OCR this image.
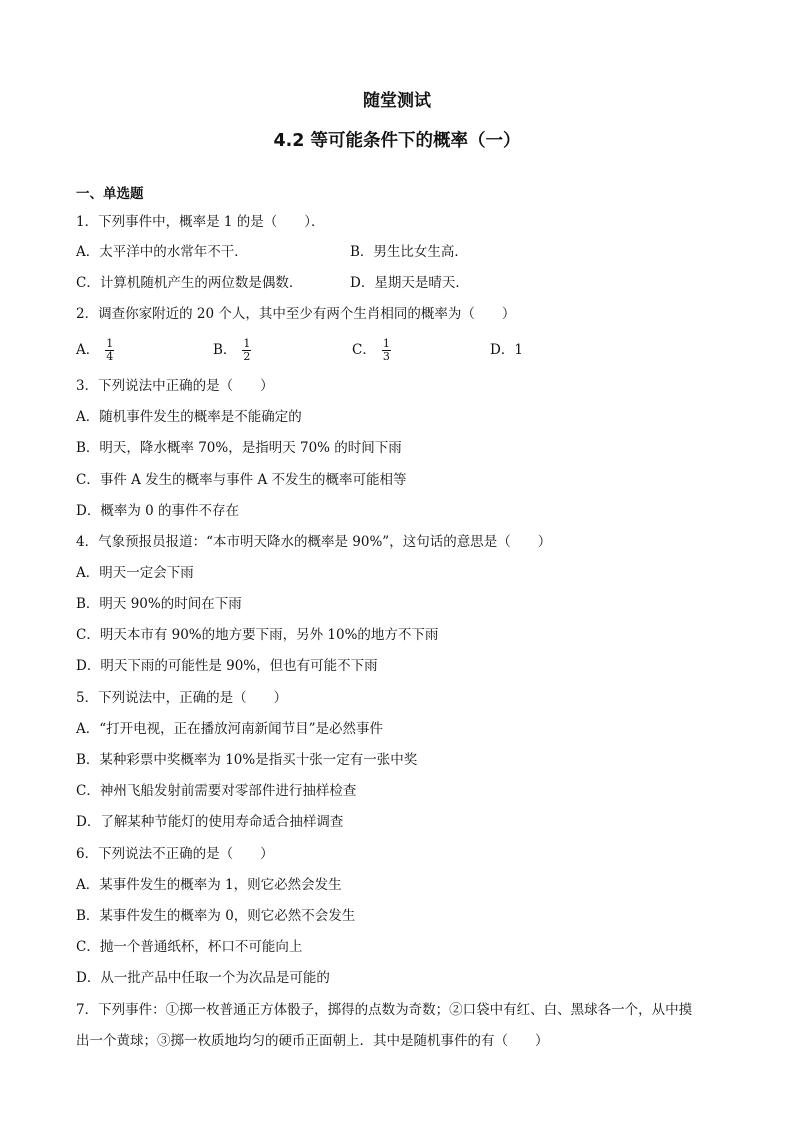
随堂测试
4.2 等可能条件下的概率（一）
一、单选题
1．下列事件中，概率是 1 的是（　　）．
A．太平洋中的水常年不干．	B．男生比女生高．
C．计算机随机产生的两位数是偶数．	D．星期天是晴天．
2．调查你家附近的 20 个人，其中至少有两个生肖相同的概率为（　　）
A． $\frac{1}{4}$	B． $\frac{1}{2}$	C． $\frac{1}{3}$	D．1
3．下列说法中正确的是（　　）
A．随机事件发生的概率是不能确定的
B．明天，降水概率 70%，是指明天 70% 的时间下雨
C．事件 A 发生的概率与事件 A 不发生的概率可能相等
D．概率为 0 的事件不存在
4．气象预报员报道：“本市明天降水的概率是 90%”，这句话的意思是（　　）
A．明天一定会下雨
B．明天 90%的时间在下雨
C．明天本市有 90%的地方要下雨，另外 10%的地方不下雨
D．明天下雨的可能性是 90%，但也有可能不下雨
5．下列说法中，正确的是（　　）
A．“打开电视，正在播放河南新闻节目”是必然事件
B．某种彩票中奖概率为 10%是指买十张一定有一张中奖
C．神州飞船发射前需要对零部件进行抽样检查
D．了解某种节能灯的使用寿命适合抽样调查
6．下列说法不正确的是（　　）
A．某事件发生的概率为 1，则它必然会发生
B．某事件发生的概率为 0，则它必然不会发生
C．抛一个普通纸杯，杯口不可能向上
D．从一批产品中任取一个为次品是可能的
7．下列事件：①掷一枚普通正方体骰子，掷得的点数为奇数；②口袋中有红、白、黑球各一个，从中摸
出一个黄球；③掷一枚质地均匀的硬币正面朝上．其中是随机事件的有（　　）
